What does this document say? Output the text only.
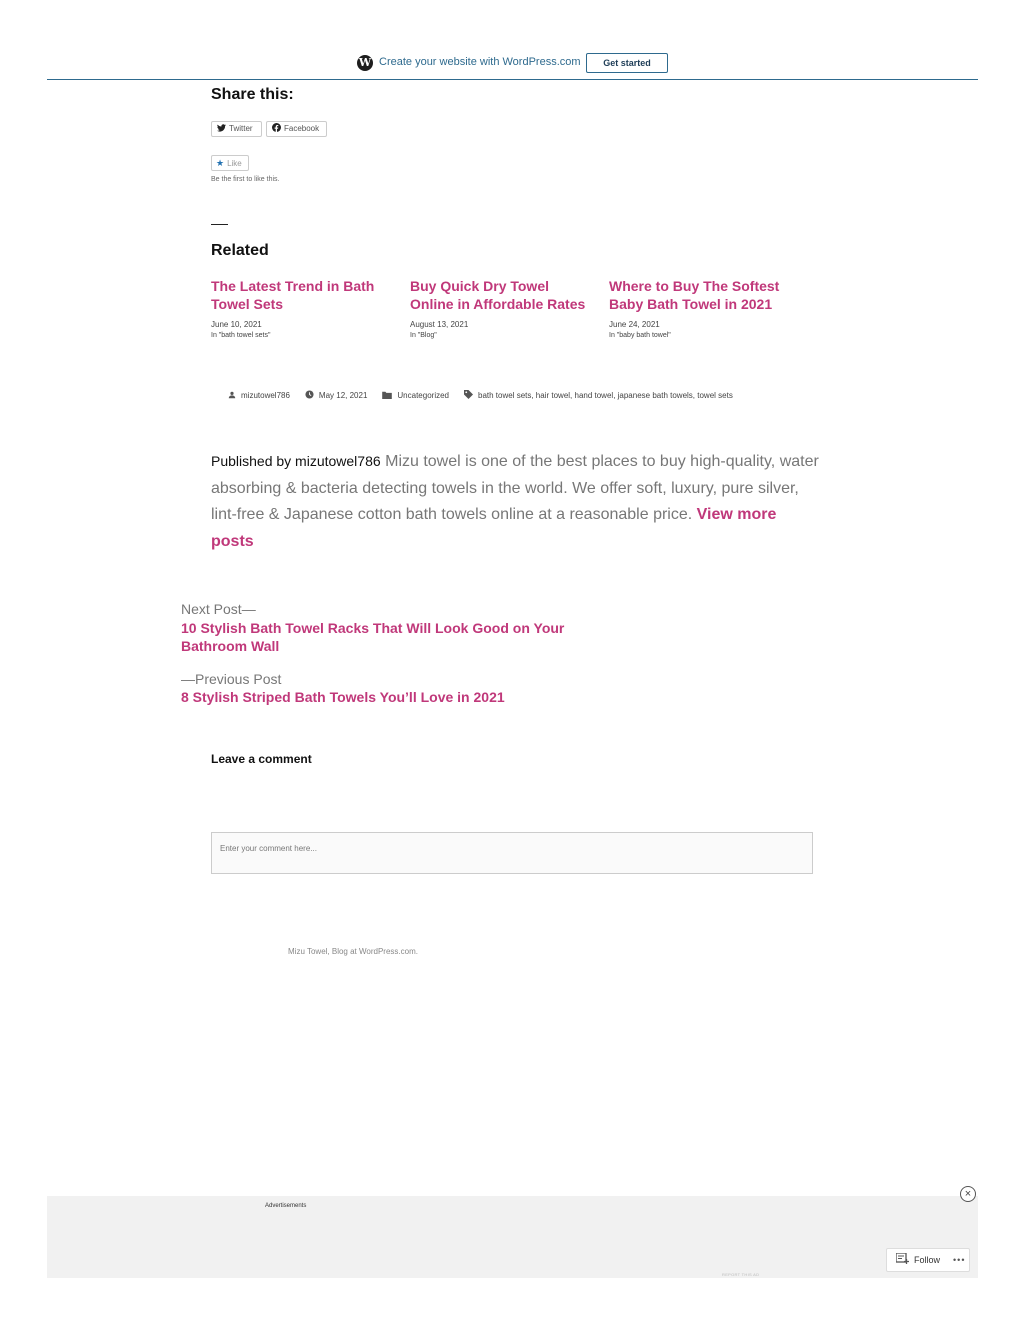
W Create your website with WordPress.com	Get started
Share this:
Twitter	Facebook
★ Like
Be the first to like this.
Related
The Latest Trend in Bath Towel Sets
June 10, 2021
In "bath towel sets"
Buy Quick Dry Towel Online in Affordable Rates
August 13, 2021
In "Blog"
Where to Buy The Softest Baby Bath Towel in 2021
June 24, 2021
In "baby bath towel"
mizutowel786	May 12, 2021	Uncategorized	bath towel sets, hair towel, hand towel, japanese bath towels, towel sets
Published by mizutowel786 Mizu towel is one of the best places to buy high-quality, water absorbing & bacteria detecting towels in the world. We offer soft, luxury, pure silver, lint-free & Japanese cotton bath towels online at a reasonable price. View more posts
Next Post—
10 Stylish Bath Towel Racks That Will Look Good on Your Bathroom Wall
—Previous Post
8 Stylish Striped Bath Towels You’ll Love in 2021
Leave a comment
Enter your comment here...
Mizu Towel, Blog at WordPress.com.
×
Advertisements
REPORT THIS AD
Follow •••
